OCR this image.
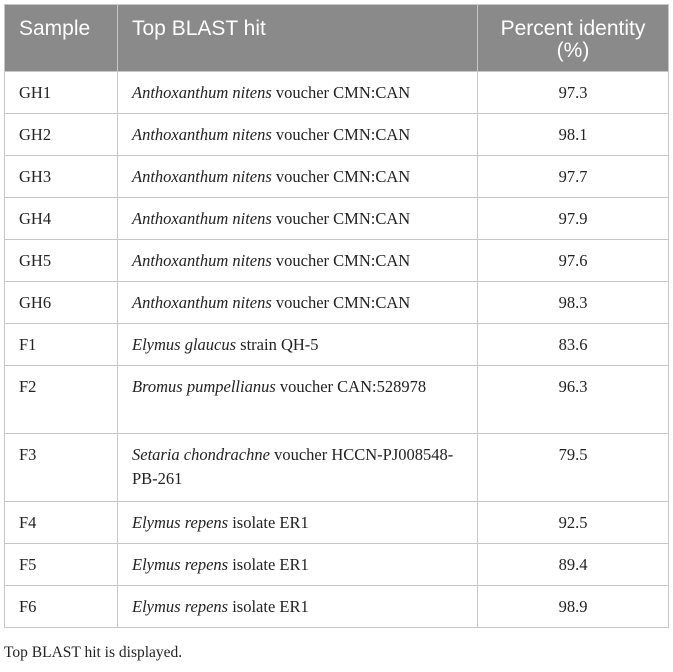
Sample	Top BLAST hit	Percent identity (%)
GH1	Anthoxanthum nitens voucher CMN:CAN	97.3
GH2	Anthoxanthum nitens voucher CMN:CAN	98.1
GH3	Anthoxanthum nitens voucher CMN:CAN	97.7
GH4	Anthoxanthum nitens voucher CMN:CAN	97.9
GH5	Anthoxanthum nitens voucher CMN:CAN	97.6
GH6	Anthoxanthum nitens voucher CMN:CAN	98.3
F1	Elymus glaucus strain QH-5	83.6
F2	Bromus pumpellianus voucher CAN:528978	96.3
F3	Setaria chondrachne voucher HCCN-PJ008548-PB-261	79.5
F4	Elymus repens isolate ER1	92.5
F5	Elymus repens isolate ER1	89.4
F6	Elymus repens isolate ER1	98.9
Top BLAST hit is displayed.
